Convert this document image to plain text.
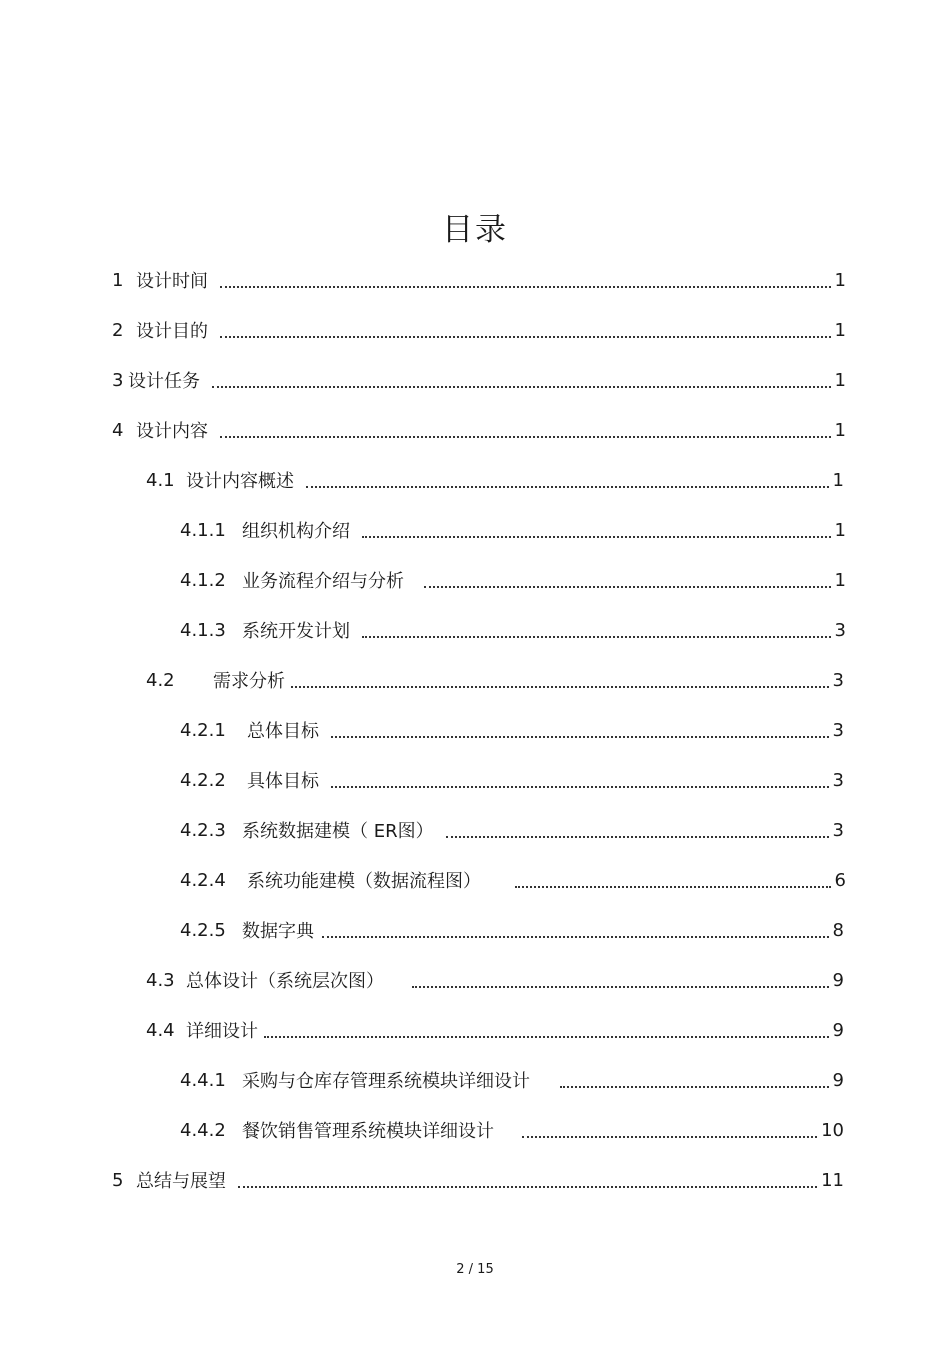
目录
1 设计时间	1
2 设计目的	1
3 设计任务	1
4 设计内容	1
4.1 设计内容概述	1
4.1.1 组织机构介绍	1
4.1.2 业务流程介绍与分析	1
4.1.3 系统开发计划	3
4.2	需求分析	3
4.2.1	总体目标	3
4.2.2	具体目标	3
4.2.3 系统数据建模（ ER图）	3
4.2.4	系统功能建模（数据流程图）	6
4.2.5 数据字典	8
4.3 总体设计（系统层次图）	9
4.4 详细设计	9
4.4.1 采购与仓库存管理系统模块详细设计	9
4.4.2 餐饮销售管理系统模块详细设计	10
5 总结与展望	11
2 / 15
